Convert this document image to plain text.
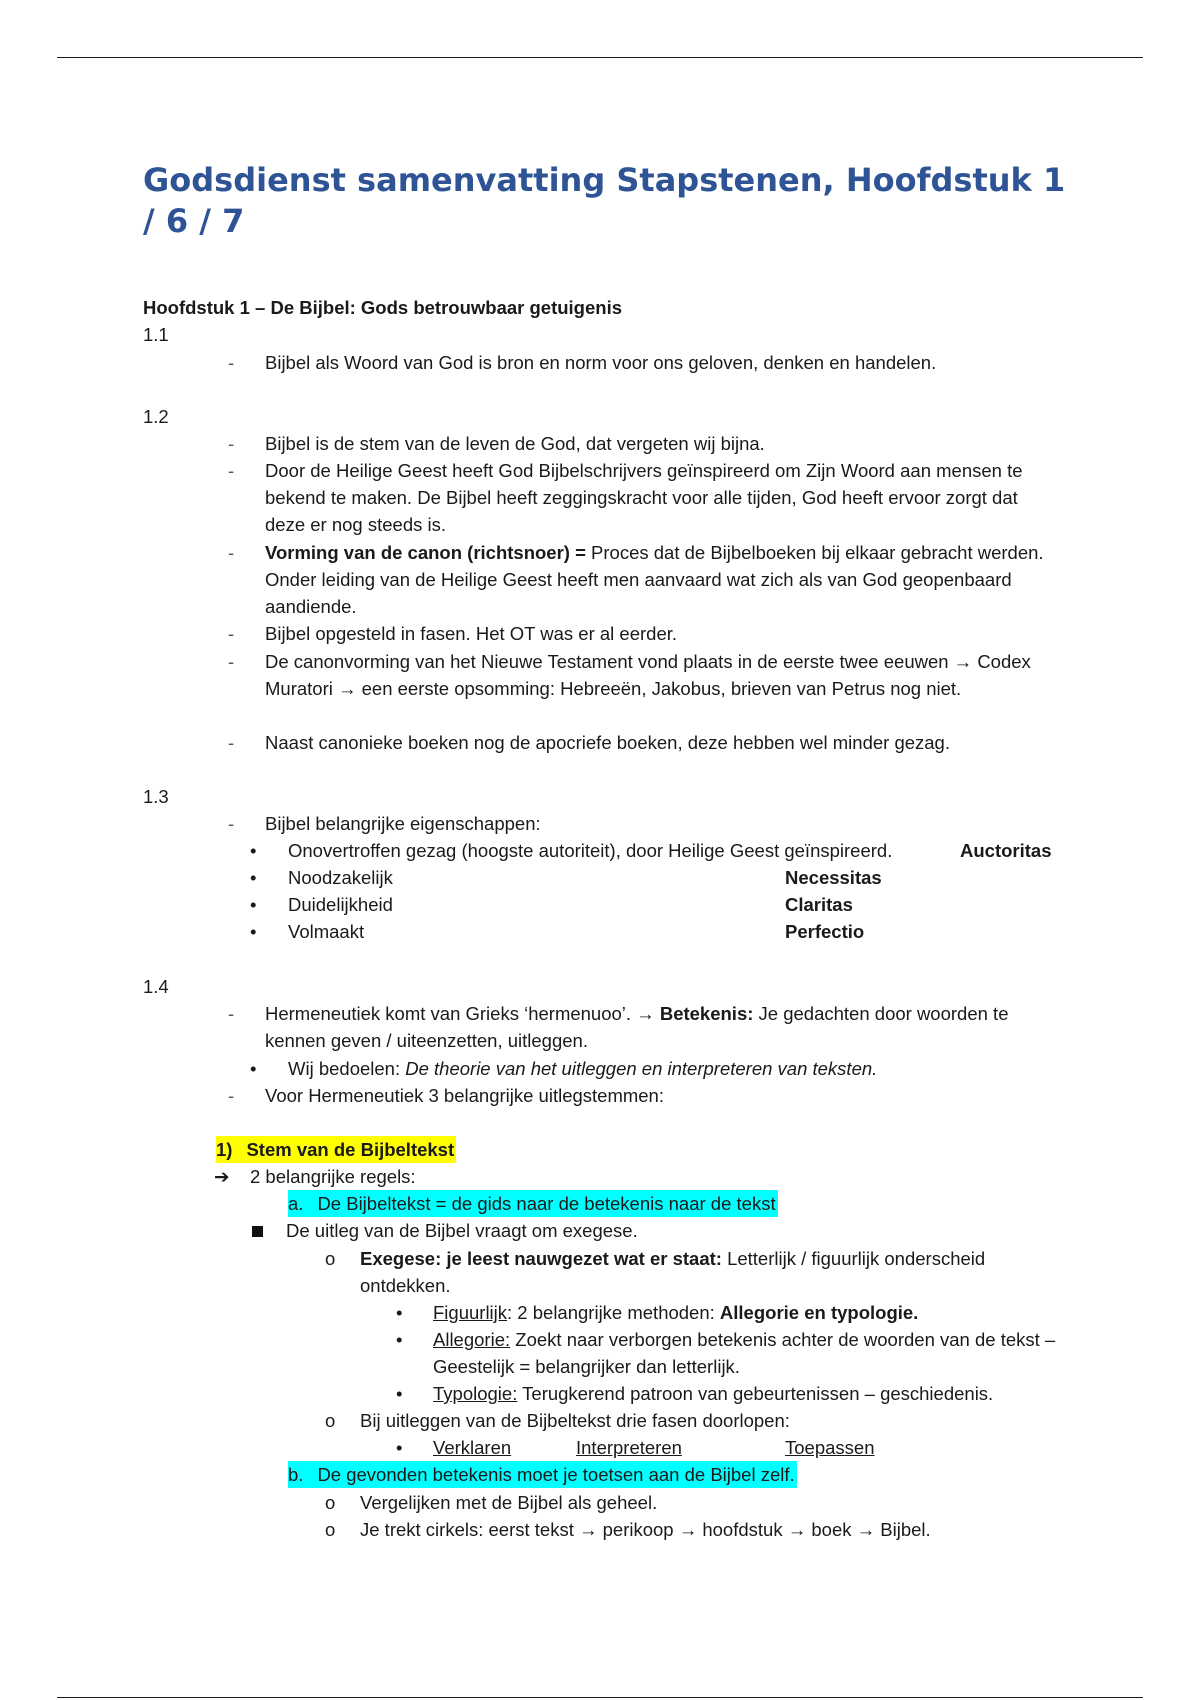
Godsdienst samenvatting Stapstenen, Hoofdstuk 1 / 6 / 7
Hoofdstuk 1 – De Bijbel: Gods betrouwbaar getuigenis
1.1
- Bijbel als Woord van God is bron en norm voor ons geloven, denken en handelen.
1.2
- Bijbel is de stem van de leven de God, dat vergeten wij bijna.
- Door de Heilige Geest heeft God Bijbelschrijvers geïnspireerd om Zijn Woord aan mensen te bekend te maken. De Bijbel heeft zeggingskracht voor alle tijden, God heeft ervoor zorgt dat deze er nog steeds is.
- Vorming van de canon (richtsnoer) = Proces dat de Bijbelboeken bij elkaar gebracht werden. Onder leiding van de Heilige Geest heeft men aanvaard wat zich als van God geopenbaard aandiende.
- Bijbel opgesteld in fasen. Het OT was er al eerder.
- De canonvorming van het Nieuwe Testament vond plaats in de eerste twee eeuwen → Codex Muratori → een eerste opsomming: Hebreeën, Jakobus, brieven van Petrus nog niet.
- Naast canonieke boeken nog de apocriefe boeken, deze hebben wel minder gezag.
1.3
- Bijbel belangrijke eigenschappen:
• Onovertroffen gezag (hoogste autoriteit), door Heilige Geest geïnspireerd.	Auctoritas
• Noodzakelijk	Necessitas
• Duidelijkheid	Claritas
• Volmaakt	Perfectio
1.4
- Hermeneutiek komt van Grieks ‘hermenuoo’. → Betekenis: Je gedachten door woorden te kennen geven / uiteenzetten, uitleggen.
• Wij bedoelen: De theorie van het uitleggen en interpreteren van teksten.
- Voor Hermeneutiek 3 belangrijke uitlegstemmen:
1) Stem van de Bijbeltekst
➔ 2 belangrijke regels:
a. De Bijbeltekst = de gids naar de betekenis naar de tekst
De uitleg van de Bijbel vraagt om exegese.
o Exegese: je leest nauwgezet wat er staat: Letterlijk / figuurlijk onderscheid ontdekken.
• Figuurlijk: 2 belangrijke methoden: Allegorie en typologie.
• Allegorie: Zoekt naar verborgen betekenis achter de woorden van de tekst – Geestelijk = belangrijker dan letterlijk.
• Typologie: Terugkerend patroon van gebeurtenissen – geschiedenis.
o Bij uitleggen van de Bijbeltekst drie fasen doorlopen:
• Verklaren	Interpreteren	Toepassen
b. De gevonden betekenis moet je toetsen aan de Bijbel zelf.
o Vergelijken met de Bijbel als geheel.
o Je trekt cirkels: eerst tekst → perikoop → hoofdstuk → boek → Bijbel.
